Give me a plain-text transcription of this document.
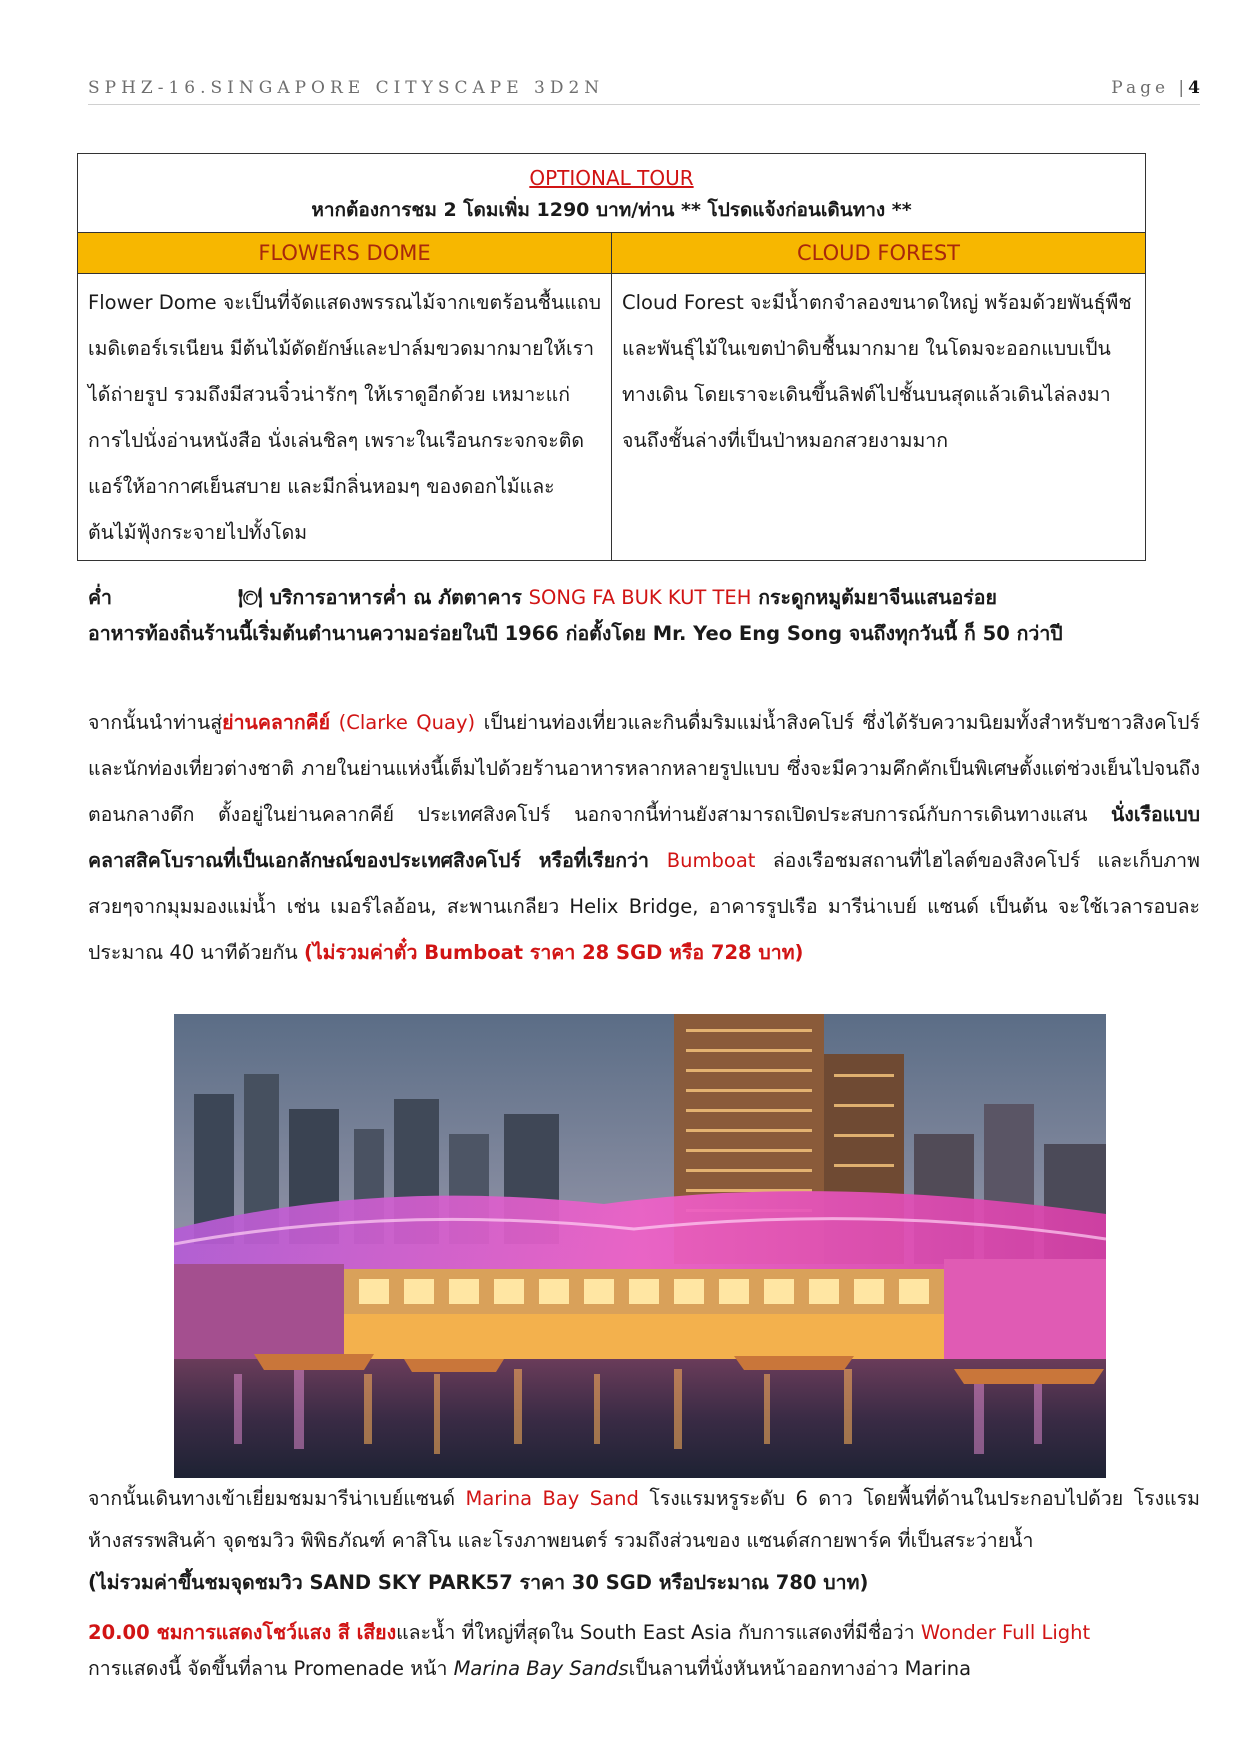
SPHZ-16.SINGAPORE CITYSCAPE 3D2N	Page |4
OPTIONAL TOUR
หากต้องการชม 2 โดมเพิ่ม 1290 บาท/ท่าน ** โปรดแจ้งก่อนเดินทาง **	

FLOWERS DOME	CLOUD FOREST
Flower Dome จะเป็นที่จัดแสดงพรรณไม้จากเขตร้อนชื้นแถบเมดิเตอร์เรเนียน มีต้นไม้ดัดยักษ์และปาล์มขวดมากมายให้เราได้ถ่ายรูป รวมถึงมีสวนจิ๋วน่ารักๆ ให้เราดูอีกด้วย เหมาะแก่การไปนั่งอ่านหนังสือ นั่งเล่นชิลๆ เพราะในเรือนกระจกจะติดแอร์ให้อากาศเย็นสบาย และมีกลิ่นหอมๆ ของดอกไม้และต้นไม้ฟุ้งกระจายไปทั้งโดม	Cloud Forest จะมีน้ำตกจำลองขนาดใหญ่ พร้อมด้วยพันธุ์พืชและพันธุ์ไม้ในเขตป่าดิบชื้นมากมาย ในโดมจะออกแบบเป็นทางเดิน โดยเราจะเดินขึ้นลิฟต์ไปชั้นบนสุดแล้วเดินไล่ลงมาจนถึงชั้นล่างที่เป็นป่าหมอกสวยงามมาก
ค่ำ	🍽 บริการอาหารค่ำ ณ ภัตตาคาร SONG FA BUK KUT TEH กระดูกหมูต้มยาจีนแสนอร่อย
อาหารท้องถิ่นร้านนี้เริ่มต้นตำนานความอร่อยในปี 1966 ก่อตั้งโดย Mr. Yeo Eng Song จนถึงทุกวันนี้ ก็ 50 กว่าปี
จากนั้นนำท่านสู่ย่านคลากคีย์ (Clarke Quay) เป็นย่านท่องเที่ยวและกินดื่มริมแม่น้ำสิงคโปร์ ซึ่งได้รับความนิยมทั้งสำหรับชาวสิงคโปร์และนักท่องเที่ยวต่างชาติ ภายในย่านแห่งนี้เต็มไปด้วยร้านอาหารหลากหลายรูปแบบ ซึ่งจะมีความคึกคักเป็นพิเศษตั้งแต่ช่วงเย็นไปจนถึงตอนกลางดึก ตั้งอยู่ในย่านคลากคีย์ ประเทศสิงคโปร์ นอกจากนี้ท่านยังสามารถเปิดประสบการณ์กับการเดินทางแสน นั่งเรือแบบคลาสสิคโบราณที่เป็นเอกลักษณ์ของประเทศสิงคโปร์ หรือที่เรียกว่า Bumboat ล่องเรือชมสถานที่ไฮไลต์ของสิงคโปร์ และเก็บภาพสวยๆจากมุมมองแม่น้ำ เช่น เมอร์ไลอ้อน, สะพานเกลียว Helix Bridge, อาคารรูปเรือ มารีน่าเบย์ แซนด์ เป็นต้น จะใช้เวลารอบละประมาณ 40 นาทีด้วยกัน (ไม่รวมค่าตั๋ว Bumboat ราคา 28 SGD หรือ 728 บาท)
จากนั้นเดินทางเข้าเยี่ยมชมมารีน่าเบย์แซนด์ Marina Bay Sand โรงแรมหรูระดับ 6 ดาว โดยพื้นที่ด้านในประกอบไปด้วย โรงแรม ห้างสรรพสินค้า จุดชมวิว พิพิธภัณฑ์ คาสิโน และโรงภาพยนตร์ รวมถึงส่วนของ แซนด์สกายพาร์ค ที่เป็นสระว่ายน้ำ
(ไม่รวมค่าขึ้นชมจุดชมวิว SAND SKY PARK57 ราคา 30 SGD หรือประมาณ 780 บาท)
20.00 ชมการแสดงโชว์แสง สี เสียงและน้ำ ที่ใหญ่ที่สุดใน South East Asia กับการแสดงที่มีชื่อว่า Wonder Full Light
การแสดงนี้ จัดขึ้นที่ลาน Promenade หน้า Marina Bay Sandsเป็นลานที่นั่งหันหน้าออกทางอ่าว Marina
